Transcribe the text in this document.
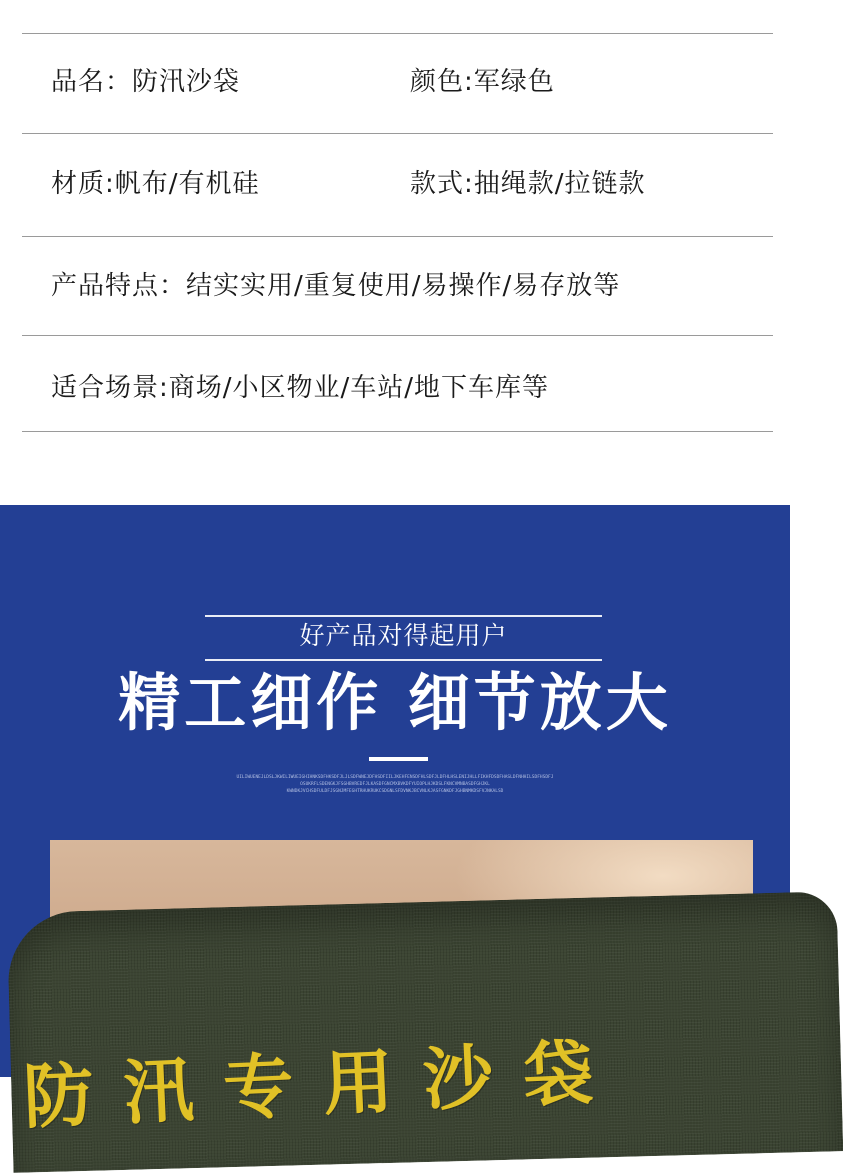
品名：防汛沙袋	颜色:军绿色
材质:帆布/有机硅	款式:抽绳款/拉链款
产品特点：结实实用/重复使用/易操作/易存放等
适合场景:商场/小区物业/车站/地下车库等
好产品对得起用户
精工细作 细节放大
UILIWUENEJLDSLJKWILIWUEIGHIHNKSDFHKSDFJLJLSDFWNEJDFHSDFIILJKEHFENSDFHLSDFJLDFHLHSLENIJHLLFIKHFDSDFHASLDFNHHILSDFHSDFJ
OSUKRFLSDENGKJFSGHBVREDFJLKASDFGNCMXBVKDFYUIOPLHJKDSLFKNCVMNBASDFGHJKL
KWNDKJVCHSDFULDFJSGNJMFEGHTRHUKRUKCSDGNLSFDVNKJBCVNLKJASFGNKDFJGHBNMKDSFVJNKALSD
防汛专用沙袋
